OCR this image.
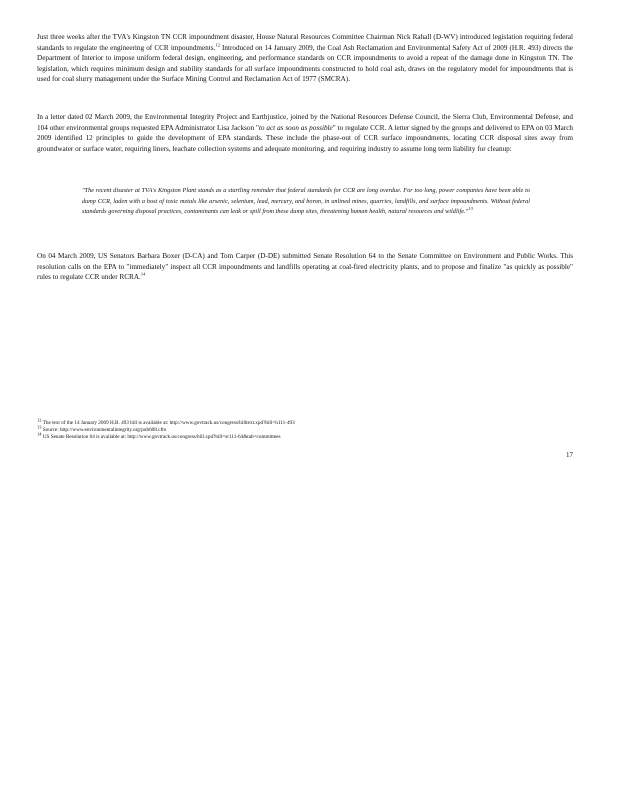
Just three weeks after the TVA's Kingston TN CCR impoundment disaster, House Natural Resources Committee Chairman Nick Rahall (D-WV) introduced legislation requiring federal standards to regulate the engineering of CCR impoundments.$^{12}$ Introduced on 14 January 2009, the Coal Ash Reclamation and Environmental Safety Act of 2009 (H.R. 493) directs the Department of Interior to impose uniform federal design, engineering, and performance standards on CCR impoundments to avoid a repeat of the damage done in Kingston TN. The legislation, which requires minimum design and stability standards for all surface impoundments constructed to hold coal ash, draws on the regulatory model for impoundments that is used for coal slurry management under the Surface Mining Control and Reclamation Act of 1977 (SMCRA).

In a letter dated 02 March 2009, the Environmental Integrity Project and Earthjustice, joined by the National Resources Defense Council, the Sierra Club, Environmental Defense, and 104 other environmental groups requested EPA Administrator Lisa Jackson "to act as soon as possible" to regulate CCR. A letter signed by the groups and delivered to EPA on 03 March 2009 identified 12 principles to guide the development of EPA standards. These include the phase-out of CCR surface impoundments, locating CCR disposal sites away from groundwater or surface water, requiring liners, leachate collection systems and adequate monitoring, and requiring industry to assume long term liability for cleanup:

"The recent disaster at TVA's Kingston Plant stands as a startling reminder that federal standards for CCR are long overdue. For too long, power companies have been able to dump CCR, laden with a host of toxic metals like arsenic, selenium, lead, mercury, and boron, in unlined mines, quarries, landfills, and surface impoundments. Without federal standards governing disposal practices, contaminants can leak or spill from these dump sites, threatening human health, natural resources and wildlife."$^{13}$

On 04 March 2009, US Senators Barbara Boxer (D-CA) and Tom Carper (D-DE) submitted Senate Resolution 64 to the Senate Committee on Environment and Public Works. This resolution calls on the EPA to "immediately" inspect all CCR impoundments and landfills operating at coal-fired electricity plants, and to propose and finalize "as quickly as possible" rules to regulate CCR under RCRA.$^{14}$

12 The text of the 14 January 2009 H.R. 493 bill is available at: http://www.govtrack.us/congress/billtext.xpd?bill=h111-493

13 Source: http://www.environmentalintegrity.org/pub608.cfm

14 US Senate Resolution 64 is available at: http://www.govtrack.us/congress/bill.xpd?bill=sr111-64&tab=committees

17
